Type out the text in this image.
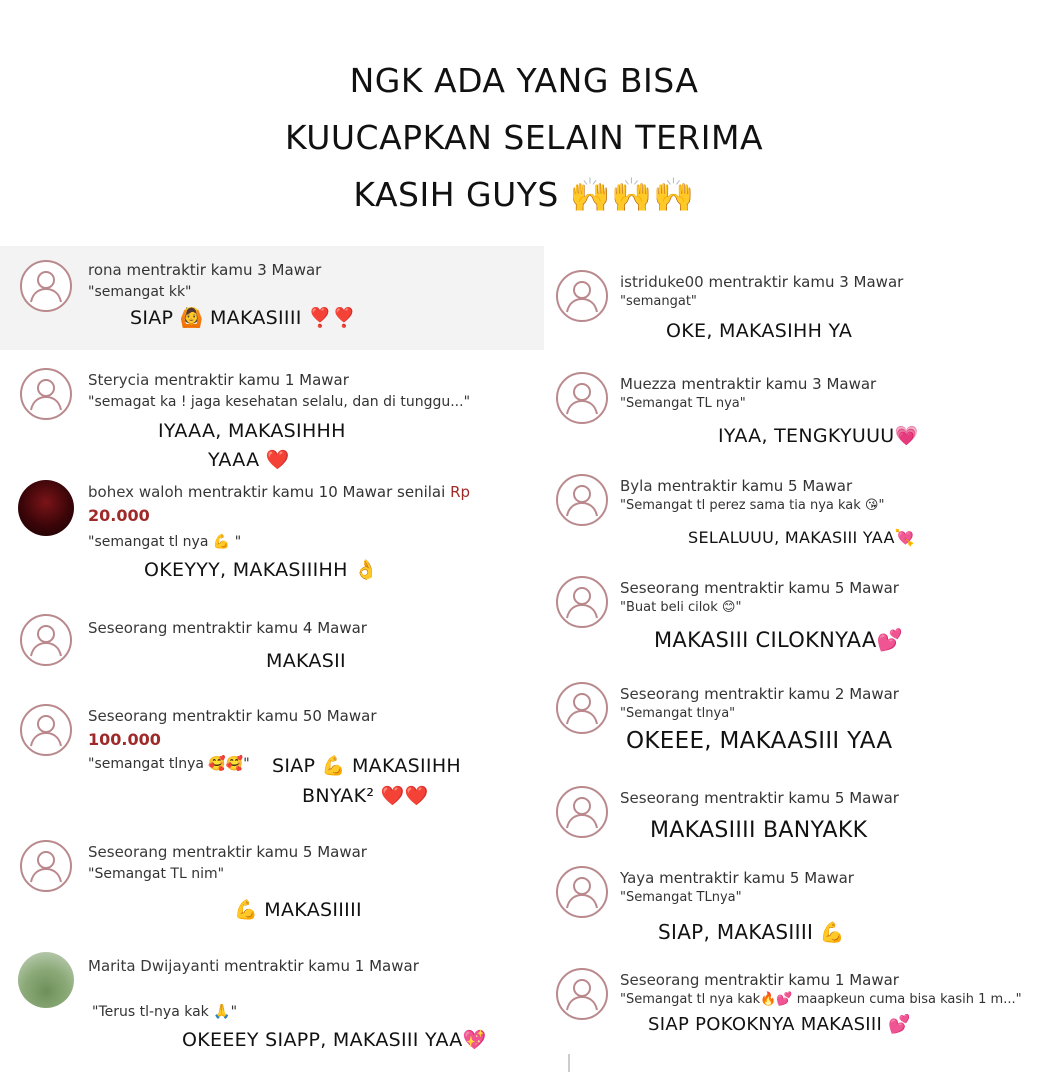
NGK ADA YANG BISA
KUUCAPKAN SELAIN TERIMA
KASIH GUYS 🙌🙌🙌
rona mentraktir kamu 3 Mawar
"semangat kk"
SIAP 🙆 MAKASIIII ❣️❣️
Sterycia mentraktir kamu 1 Mawar
"semagat ka ! jaga kesehatan selalu, dan di tunggu..."
IYAAA, MAKASIHHH
YAAA ❤️
bohex waloh mentraktir kamu 10 Mawar senilai Rp
20.000
"semangat tl nya 💪 "
OKEYYY, MAKASIIIHH 👌
Seseorang mentraktir kamu 4 Mawar
MAKASII
Seseorang mentraktir kamu 50 Mawar
100.000
"semangat tlnya 🥰🥰" SIAP 💪 MAKASIIHH
BNYAK² ❤️❤️
Seseorang mentraktir kamu 5 Mawar
"Semangat TL nim"
💪 MAKASIIIII
Marita Dwijayanti mentraktir kamu 1 Mawar
"Terus tl-nya kak 🙏"
OKEEEY SIAPP, MAKASIII YAA💖
istriduke00 mentraktir kamu 3 Mawar
"semangat"
OKE, MAKASIHH YA
Muezza mentraktir kamu 3 Mawar
"Semangat TL nya"
IYAA, TENGKYUUU💗
Byla mentraktir kamu 5 Mawar
"Semangat tl perez sama tia nya kak 😘"
SELALUUU, MAKASIII YAA💘
Seseorang mentraktir kamu 5 Mawar
"Buat beli cilok 😊"
MAKASIII CILOKNYAA💕
Seseorang mentraktir kamu 2 Mawar
"Semangat tlnya"
OKEEE, MAKAASIII YAA
Seseorang mentraktir kamu 5 Mawar
MAKASIIII BANYAKK
Yaya mentraktir kamu 5 Mawar
"Semangat TLnya"
SIAP, MAKASIIII 💪
Seseorang mentraktir kamu 1 Mawar
"Semangat tl nya kak🔥💕 maapkeun cuma bisa kasih 1 m..."
SIAP POKOKNYA MAKASIII 💕
